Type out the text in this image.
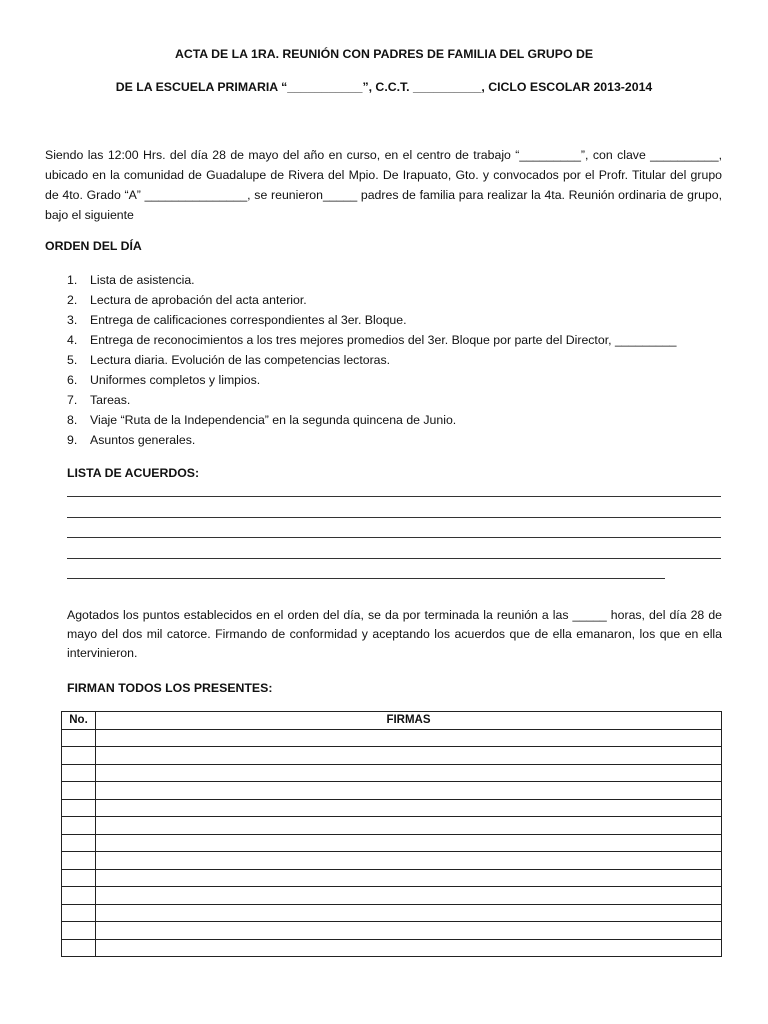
ACTA DE LA 1RA. REUNIÓN CON PADRES DE FAMILIA DEL GRUPO DE
DE LA ESCUELA PRIMARIA “___________”, C.C.T. __________, CICLO ESCOLAR 2013-2014

Siendo las 12:00 Hrs. del día 28 de mayo del año en curso, en el centro de trabajo “_________”, con clave __________, ubicado en la comunidad de Guadalupe de Rivera del Mpio. De Irapuato, Gto. y convocados por el Profr. Titular del grupo de 4to. Grado “A” _______________, se reunieron_____ padres de familia para realizar la 4ta. Reunión ordinaria de grupo, bajo el siguiente

ORDEN DEL DÍA
1.	Lista de asistencia.
2.	Lectura de aprobación del acta anterior.
3.	Entrega de calificaciones correspondientes al 3er. Bloque.
4.	Entrega de reconocimientos a los tres mejores promedios del 3er. Bloque por parte del Director, _________
5.	Lectura diaria. Evolución de las competencias lectoras.
6.	Uniformes completos y limpios.
7.	Tareas.
8.	Viaje “Ruta de la Independencia” en la segunda quincena de Junio.
9.	Asuntos generales.
LISTA DE ACUERDOS:

Agotados los puntos establecidos en el orden del día, se da por terminada la reunión a las _____ horas, del día 28 de mayo del dos mil catorce. Firmando de conformidad y aceptando los acuerdos que de ella emanaron, los que en ella intervinieron.

FIRMAN TODOS LOS PRESENTES:
No.	FIRMAS
